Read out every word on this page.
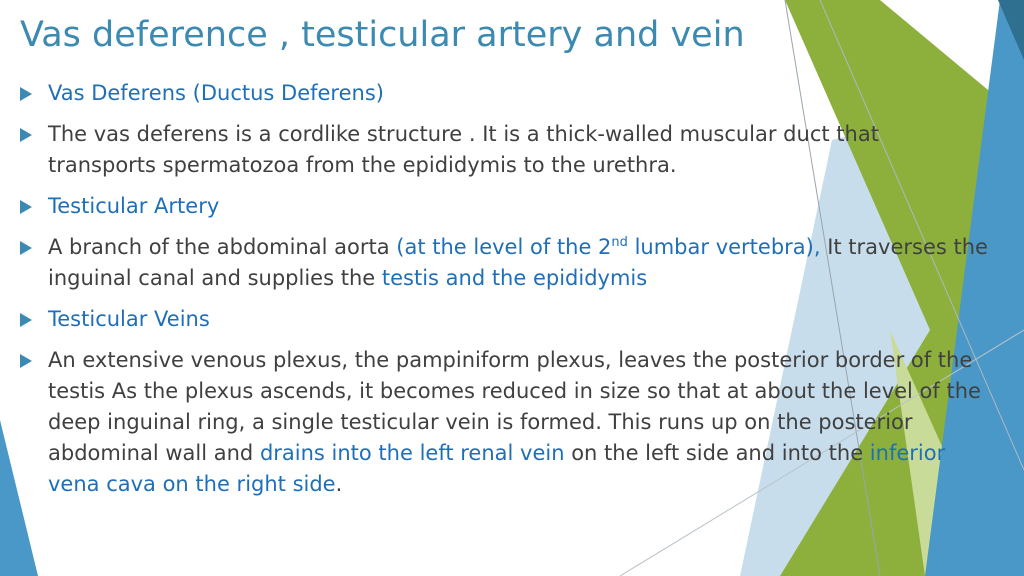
Vas deference , testicular artery and vein
Vas Deferens (Ductus Deferens)
The vas deferens is a cordlike structure . It is a thick-walled muscular duct that transports spermatozoa from the epididymis to the urethra.
Testicular Artery
A branch of the abdominal aorta (at the level of the 2nd lumbar vertebra), It traverses the inguinal canal and supplies the testis and the epididymis
Testicular Veins
An extensive venous plexus, the pampiniform plexus, leaves the posterior border of the testis As the plexus ascends, it becomes reduced in size so that at about the level of the deep inguinal ring, a single testicular vein is formed. This runs up on the posterior abdominal wall and drains into the left renal vein on the left side and into the inferior vena cava on the right side.
